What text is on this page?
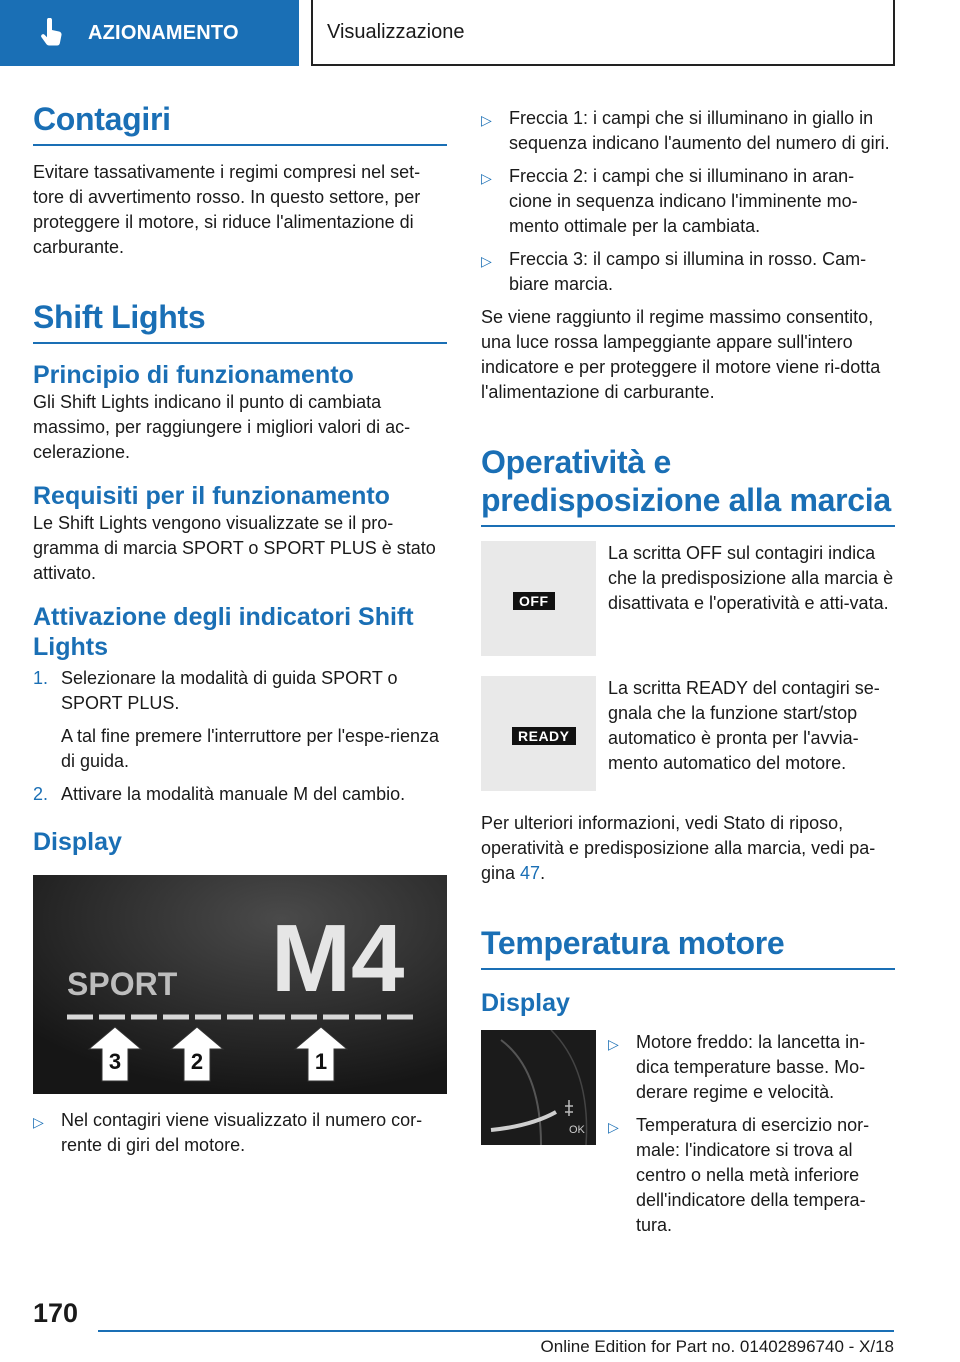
AZIONAMENTO	Visualizzazione
Contagiri
Evitare tassativamente i regimi compresi nel set-tore di avvertimento rosso. In questo settore, per proteggere il motore, si riduce l'alimentazione di carburante.
Shift Lights
Principio di funzionamento
Gli Shift Lights indicano il punto di cambiata massimo, per raggiungere i migliori valori di ac-celerazione.
Requisiti per il funzionamento
Le Shift Lights vengono visualizzate se il pro-gramma di marcia SPORT o SPORT PLUS è stato attivato.
Attivazione degli indicatori Shift Lights
1. Selezionare la modalità di guida SPORT o SPORT PLUS.
A tal fine premere l'interruttore per l'espe-rienza di guida.
2. Attivare la modalità manuale M del cambio.
Display
SPORT M4
3	2	1
▷ Nel contagiri viene visualizzato il numero cor-rente di giri del motore.
▷ Freccia 1: i campi che si illuminano in giallo in sequenza indicano l'aumento del numero di giri.
▷ Freccia 2: i campi che si illuminano in aran-cione in sequenza indicano l'imminente mo-mento ottimale per la cambiata.
▷ Freccia 3: il campo si illumina in rosso. Cam-biare marcia.
Se viene raggiunto il regime massimo consentito, una luce rossa lampeggiante appare sull'intero indicatore e per proteggere il motore viene ri-dotta l'alimentazione di carburante.
Operatività e predisposizione alla marcia
OFF
La scritta OFF sul contagiri indica che la predisposizione alla marcia è disattivata e l'operatività e atti-vata.
READY
La scritta READY del contagiri se-gnala che la funzione start/stop automatico è pronta per l'avvia-mento automatico del motore.
Per ulteriori informazioni, vedi Stato di riposo, operatività e predisposizione alla marcia, vedi pa-gina 47.
Temperatura motore
Display
OK
▷ Motore freddo: la lancetta in-dica temperature basse. Mo-derare regime e velocità.
▷ Temperatura di esercizio nor-male: l'indicatore si trova al centro o nella metà inferiore dell'indicatore della tempera-tura.
170
Online Edition for Part no. 01402896740 - X/18
